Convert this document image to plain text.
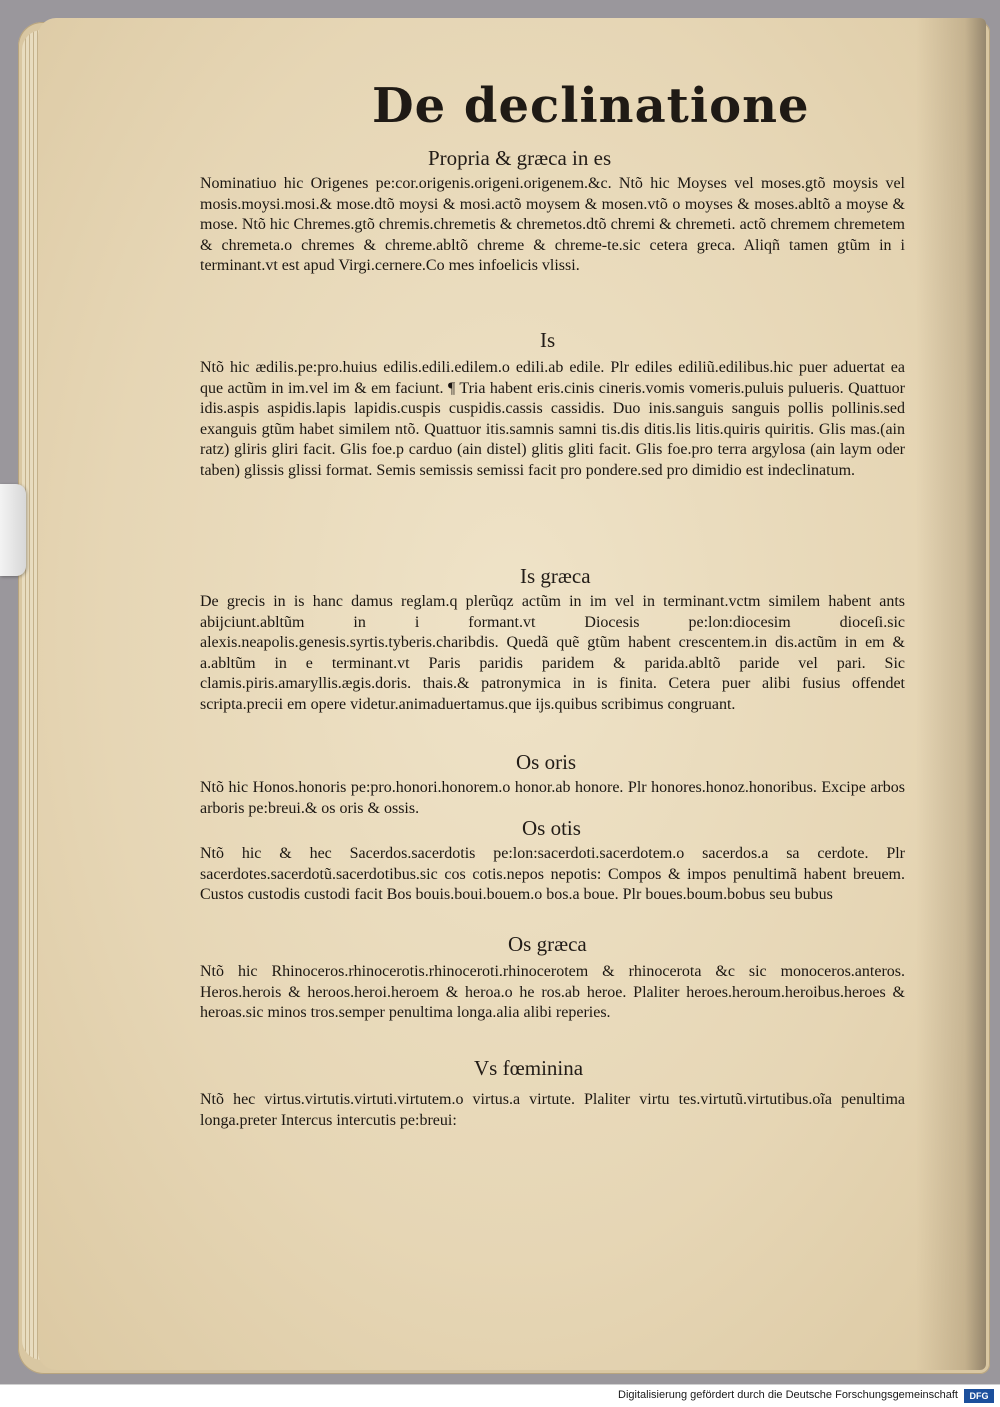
De declinatione

Propria & græca in es

Nominatiuo hic Origenes pe:cor.origenis.origeni.origenem.&c. Ntõ hic Moyses vel moses.gtõ moysis vel mosis.moysi.mosi.& mose.dtõ moysi & mosi.actõ moysem & mosen.vtõ o moyses & moses.abltõ a moyse & mose. Ntõ hic Chremes.gtõ chremis.chremetis & chremetos.dtõ chremi & chremeti. actõ chremem chremetem & chremeta.o chremes & chreme.abltõ chreme & chreme-te.sic cetera greca. Aliqñ tamen gtũm in i terminant.vt est apud Virgi.cernere.Co mes infoelicis vlissi.

Is

Ntõ hic ædilis.pe:pro.huius edilis.edili.edilem.o edili.ab edile. Plr ediles ediliũ.edilibus.hic puer aduertat ea que actũm in im.vel im & em faciunt. ¶ Tria habent eris.cinis cineris.vomis vomeris.puluis pulueris. Quattuor idis.aspis aspidis.lapis lapidis.cuspis cuspidis.cassis cassidis. Duo inis.sanguis sanguis pollis pollinis.sed exanguis gtũm habet similem ntõ. Quattuor itis.samnis samni tis.dis ditis.lis litis.quiris quiritis. Glis mas.(ain ratz) gliris gliri facit. Glis foe.p carduo (ain distel) glitis gliti facit. Glis foe.pro terra argylosa (ain laym oder taben) glissis glissi format. Semis semissis semissi facit pro pondere.sed pro dimidio est indeclinatum.

Is græca

De grecis in is hanc damus reglam.q plerũqz actũm in im vel in terminant.vctm similem habent ants abijciunt.abltũm in i formant.vt Diocesis pe:lon:diocesim dioceſi.sic alexis.neapolis.genesis.syrtis.tyberis.charibdis. Quedã quẽ gtũm habent crescentem.in dis.actũm in em & a.abltũm in e terminant.vt Paris paridis paridem & parida.abltõ paride vel pari. Sic clamis.piris.amaryllis.ægis.doris. thais.& patronymica in is finita. Cetera puer alibi fusius offendet scripta.precii em opere videtur.animaduertamus.que ijs.quibus scribimus congruant.

Os oris

Ntõ hic Honos.honoris pe:pro.honori.honorem.o honor.ab honore. Plr honores.honoz.honoribus. Excipe arbos arboris pe:breui.& os oris & ossis.

Os otis

Ntõ hic & hec Sacerdos.sacerdotis pe:lon:sacerdoti.sacerdotem.o sacerdos.a sa cerdote. Plr sacerdotes.sacerdotũ.sacerdotibus.sic cos cotis.nepos nepotis: Compos & impos penultimã habent breuem. Custos custodis custodi facit Bos bouis.boui.bouem.o bos.a boue. Plr boues.boum.bobus seu bubus

Os græca

Ntõ hic Rhinoceros.rhinocerotis.rhinoceroti.rhinocerotem & rhinocerota &c sic monoceros.anteros. Heros.herois & heroos.heroi.heroem & heroa.o he ros.ab heroe. Plaliter heroes.heroum.heroibus.heroes & heroas.sic minos tros.semper penultima longa.alia alibi reperies.

Vs fœminina

Ntõ hec virtus.virtutis.virtuti.virtutem.o virtus.a virtute. Plaliter virtu tes.virtutũ.virtutibus.oĩa penultima longa.preter Intercus intercutis pe:breui:

Digitalisierung gefördert durch die Deutsche Forschungsgemeinschaft	DFG
